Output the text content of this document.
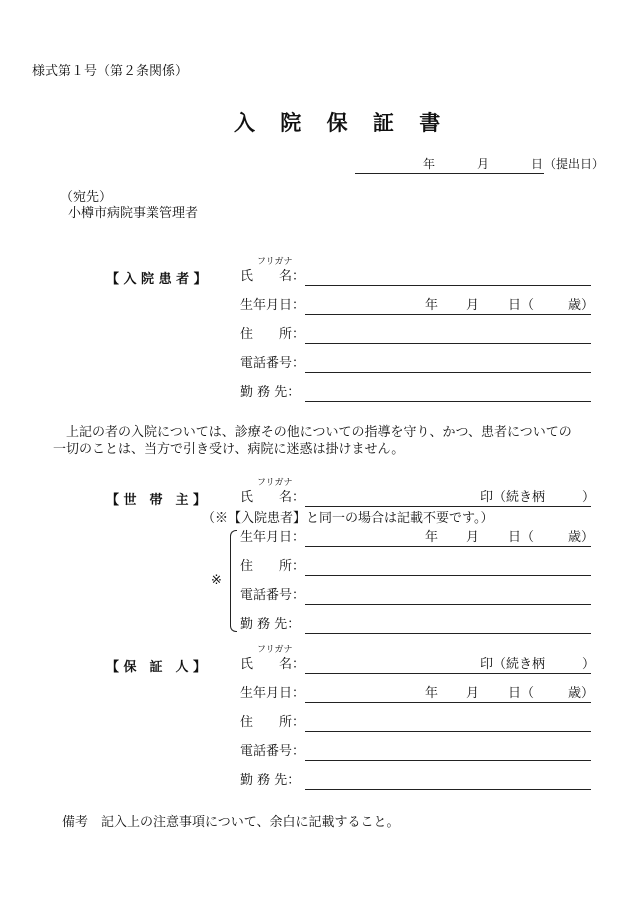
様式第１号（第２条関係）
入 院 保 証 書
年	月	日 （提出日）
（宛先）
小樽市病院事業管理者
【 入 院 患 者 】
フリガナ
氏　　名：
生年月日：	年 月 日（	歳）
住　　所：
電話番号：
勤 務 先：
上記の者の入院については、診療その他についての指導を守り、かつ、患者についての
一切のことは、当方で引き受け、病院に迷惑は掛けません。
【 世　帯　主 】
フリガナ
氏　　名：	印（続き柄	）
（※【入院患者】と同一の場合は記載不要です。）
※
生年月日：	年 月 日（	歳）
住　　所：
電話番号：
勤 務 先：
【 保　証　人 】
フリガナ
氏　　名：	印（続き柄	）
生年月日：	年 月 日（	歳）
住　　所：
電話番号：
勤 務 先：
備考　記入上の注意事項について、余白に記載すること。
